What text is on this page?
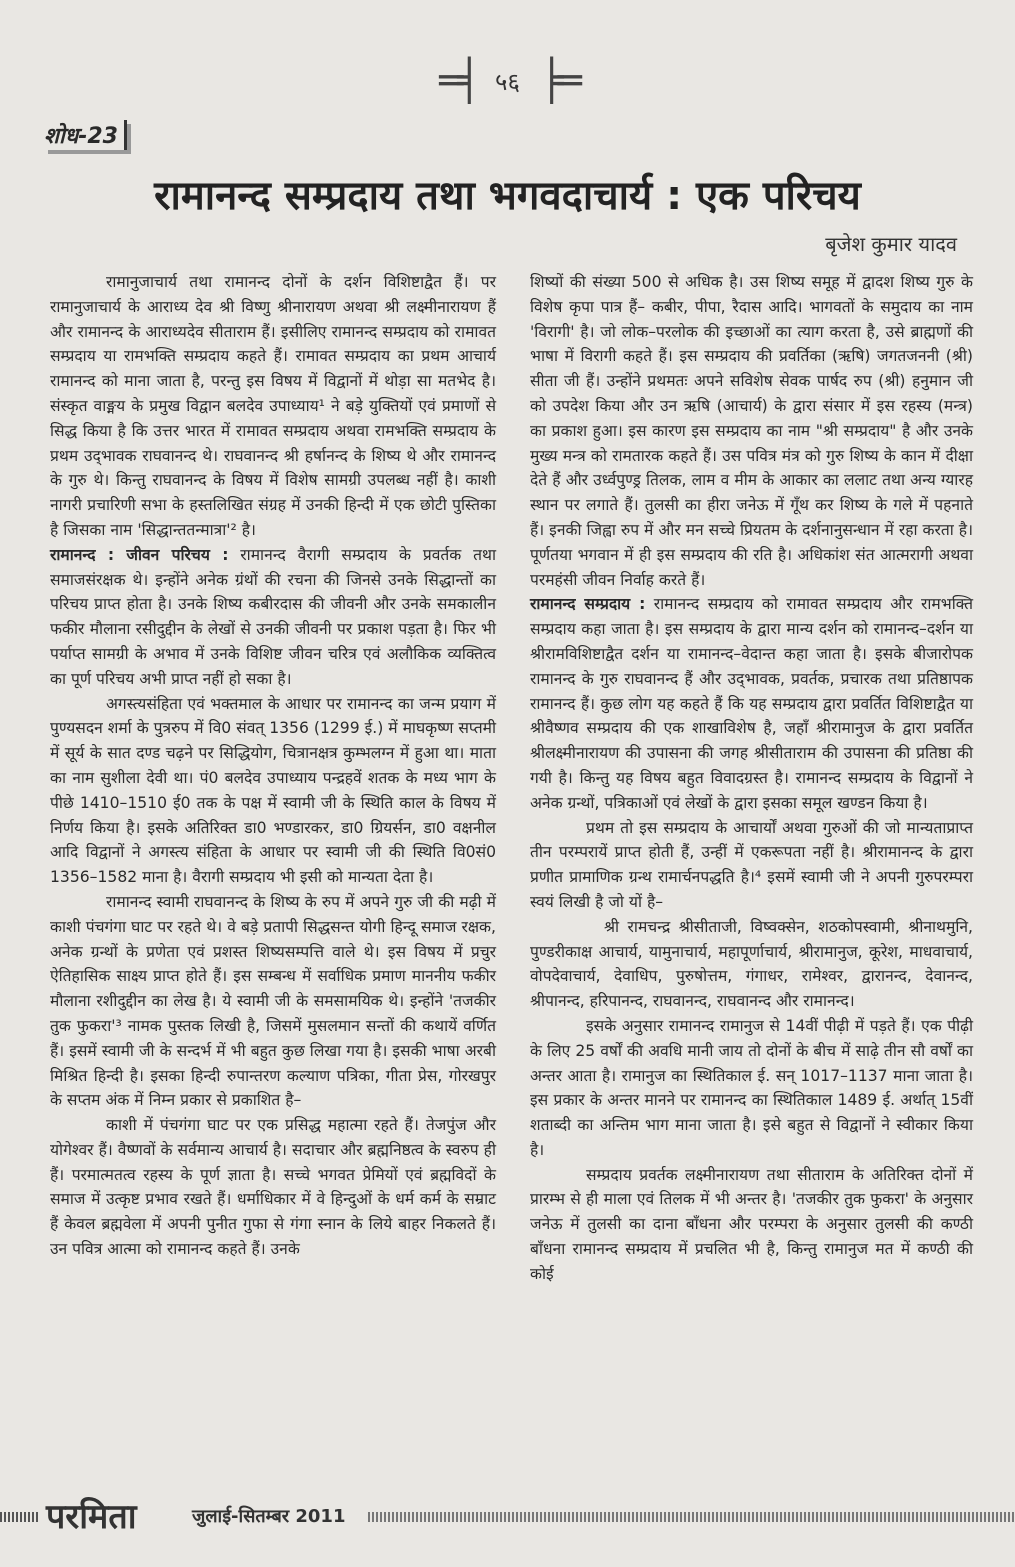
═╡ ५६ ╞═
शोध-23
रामानन्द सम्प्रदाय तथा भगवदाचार्य : एक परिचय
बृजेश कुमार यादव

रामानुजाचार्य तथा रामानन्द दोनों के दर्शन विशिष्टाद्वैत हैं। पर रामानुजाचार्य के आराध्य देव श्री विष्णु श्रीनारायण अथवा श्री लक्ष्मीनारायण हैं और रामानन्द के आराध्यदेव सीताराम हैं। इसीलिए रामानन्द सम्प्रदाय को रामावत सम्प्रदाय या रामभक्ति सम्प्रदाय कहते हैं। रामावत सम्प्रदाय का प्रथम आचार्य रामानन्द को माना जाता है, परन्तु इस विषय में विद्वानों में थोड़ा सा मतभेद है। संस्कृत वाङ्मय के प्रमुख विद्वान बलदेव उपाध्याय¹ ने बड़े युक्तियों एवं प्रमाणों से सिद्ध किया है कि उत्तर भारत में रामावत सम्प्रदाय अथवा रामभक्ति सम्प्रदाय के प्रथम उद्‌भावक राघवानन्द थे। राघवानन्द श्री हर्षानन्द के शिष्य थे और रामानन्द के गुरु थे। किन्तु राघवानन्द के विषय में विशेष सामग्री उपलब्ध नहीं है। काशी नागरी प्रचारिणी सभा के हस्तलिखित संग्रह में उनकी हिन्दी में एक छोटी पुस्तिका है जिसका नाम 'सिद्धान्ततन्मात्रा'² है।

रामानन्द : जीवन परिचय : रामानन्द वैरागी सम्प्रदाय के प्रवर्तक तथा समाजसंरक्षक थे। इन्होंने अनेक ग्रंथों की रचना की जिनसे उनके सिद्धान्तों का परिचय प्राप्त होता है। उनके शिष्य कबीरदास की जीवनी और उनके समकालीन फकीर मौलाना रसीदुद्दीन के लेखों से उनकी जीवनी पर प्रकाश पड़ता है। फिर भी पर्याप्त सामग्री के अभाव में उनके विशिष्ट जीवन चरित्र एवं अलौकिक व्यक्तित्व का पूर्ण परिचय अभी प्राप्त नहीं हो सका है।

अगस्त्यसंहिता एवं भक्तमाल के आधार पर रामानन्द का जन्म प्रयाग में पुण्यसदन शर्मा के पुत्ररुप में वि0 संवत् 1356 (1299 ई.) में माघकृष्ण सप्तमी में सूर्य के सात दण्ड चढ़ने पर सिद्धियोग, चित्रानक्षत्र कुम्भलग्न में हुआ था। माता का नाम सुशीला देवी था। पं0 बलदेव उपाध्याय पन्द्रहवें शतक के मध्य भाग के पीछे 1410–1510 ई0 तक के पक्ष में स्वामी जी के स्थिति काल के विषय में निर्णय किया है। इसके अतिरिक्त डा0 भण्डारकर, डा0 ग्रियर्सन, डा0 वक्षनील आदि विद्वानों ने अगस्त्य संहिता के आधार पर स्वामी जी की स्थिति वि0सं0 1356–1582 माना है। वैरागी सम्प्रदाय भी इसी को मान्यता देता है।

रामानन्द स्वामी राघवानन्द के शिष्य के रुप में अपने गुरु जी की मढ़ी में काशी पंचगंगा घाट पर रहते थे। वे बड़े प्रतापी सिद्धसन्त योगी हिन्दू समाज रक्षक, अनेक ग्रन्थों के प्रणेता एवं प्रशस्त शिष्यसम्पत्ति वाले थे। इस विषय में प्रचुर ऐतिहासिक साक्ष्य प्राप्त होते हैं। इस सम्बन्ध में सर्वाधिक प्रमाण माननीय फकीर मौलाना रशीदुद्दीन का लेख है। ये स्वामी जी के समसामयिक थे। इन्होंने 'तजकीर तुक फुकरा'³ नामक पुस्तक लिखी है, जिसमें मुसलमान सन्तों की कथायें वर्णित हैं। इसमें स्वामी जी के सन्दर्भ में भी बहुत कुछ लिखा गया है। इसकी भाषा अरबी मिश्रित हिन्दी है। इसका हिन्दी रुपान्तरण कल्याण पत्रिका, गीता प्रेस, गोरखपुर के सप्तम अंक में निम्न प्रकार से प्रकाशित है–

काशी में पंचगंगा घाट पर एक प्रसिद्ध महात्मा रहते हैं। तेजपुंज और योगेश्वर हैं। वैष्णवों के सर्वमान्य आचार्य है। सदाचार और ब्रह्मनिष्ठत्व के स्वरुप ही हैं। परमात्मतत्व रहस्य के पूर्ण ज्ञाता है। सच्चे भगवत प्रेमियों एवं ब्रह्मविदों के समाज में उत्कृष्ट प्रभाव रखते हैं। धर्माधिकार में वे हिन्दुओं के धर्म कर्म के सम्राट हैं केवल ब्रह्मवेला में अपनी पुनीत गुफा से गंगा स्नान के लिये बाहर निकलते हैं। उन पवित्र आत्मा को रामानन्द कहते हैं। उनके

शिष्यों की संख्या 500 से अधिक है। उस शिष्य समूह में द्वादश शिष्य गुरु के विशेष कृपा पात्र हैं– कबीर, पीपा, रैदास आदि। भागवतों के समुदाय का नाम 'विरागी' है। जो लोक–परलोक की इच्छाओं का त्याग करता है, उसे ब्राह्मणों की भाषा में विरागी कहते हैं। इस सम्प्रदाय की प्रवर्तिका (ऋषि) जगतजननी (श्री) सीता जी हैं। उन्होंने प्रथमतः अपने सविशेष सेवक पार्षद रुप (श्री) हनुमान जी को उपदेश किया और उन ऋषि (आचार्य) के द्वारा संसार में इस रहस्य (मन्त्र) का प्रकाश हुआ। इस कारण इस सम्प्रदाय का नाम "श्री सम्प्रदाय" है और उनके मुख्य मन्त्र को रामतारक कहते हैं। उस पवित्र मंत्र को गुरु शिष्य के कान में दीक्षा देते हैं और उर्ध्वपुण्ड्र तिलक, लाम व मीम के आकार का ललाट तथा अन्य ग्यारह स्थान पर लगाते हैं। तुलसी का हीरा जनेऊ में गूँथ कर शिष्य के गले में पहनाते हैं। इनकी जिह्वा रुप में और मन सच्चे प्रियतम के दर्शनानुसन्धान में रहा करता है। पूर्णतया भगवान में ही इस सम्प्रदाय की रति है। अधिकांश संत आत्मरागी अथवा परमहंसी जीवन निर्वाह करते हैं।

रामानन्द सम्प्रदाय : रामानन्द सम्प्रदाय को रामावत सम्प्रदाय और रामभक्ति सम्प्रदाय कहा जाता है। इस सम्प्रदाय के द्वारा मान्य दर्शन को रामानन्द–दर्शन या श्रीरामविशिष्टाद्वैत दर्शन या रामानन्द–वेदान्त कहा जाता है। इसके बीजारोपक रामानन्द के गुरु राघवानन्द हैं और उद्‌भावक, प्रवर्तक, प्रचारक तथा प्रतिष्ठापक रामानन्द हैं। कुछ लोग यह कहते हैं कि यह सम्प्रदाय द्वारा प्रवर्तित विशिष्टाद्वैत या श्रीवैष्णव सम्प्रदाय की एक शाखाविशेष है, जहाँ श्रीरामानुज के द्वारा प्रवर्तित श्रीलक्ष्मीनारायण की उपासना की जगह श्रीसीताराम की उपासना की प्रतिष्ठा की गयी है। किन्तु यह विषय बहुत विवादग्रस्त है। रामानन्द सम्प्रदाय के विद्वानों ने अनेक ग्रन्थों, पत्रिकाओं एवं लेखों के द्वारा इसका समूल खण्डन किया है।

प्रथम तो इस सम्प्रदाय के आचार्यों अथवा गुरुओं की जो मान्यताप्राप्त तीन परम्परायें प्राप्त होती हैं, उन्हीं में एकरूपता नहीं है। श्रीरामानन्द के द्वारा प्रणीत प्रामाणिक ग्रन्थ रामार्चनपद्धति है।⁴ इसमें स्वामी जी ने अपनी गुरुपरम्परा स्वयं लिखी है जो यों है–

श्री रामचन्द्र श्रीसीताजी, विष्वक्सेन, शठकोपस्वामी, श्रीनाथमुनि, पुण्डरीकाक्ष आचार्य, यामुनाचार्य, महापूर्णाचार्य, श्रीरामानुज, कूरेश, माधवाचार्य, वोपदेवाचार्य, देवाधिप, पुरुषोत्तम, गंगाधर, रामेश्वर, द्वारानन्द, देवानन्द, श्रीपानन्द, हरिपानन्द, राघवानन्द, राघवानन्द और रामानन्द।

इसके अनुसार रामानन्द रामानुज से 14वीं पीढ़ी में पड़ते हैं। एक पीढ़ी के लिए 25 वर्षों की अवधि मानी जाय तो दोनों के बीच में साढ़े तीन सौ वर्षों का अन्तर आता है। रामानुज का स्थितिकाल ई. सन् 1017–1137 माना जाता है। इस प्रकार के अन्तर मानने पर रामानन्द का स्थितिकाल 1489 ई. अर्थात् 15वीं शताब्दी का अन्तिम भाग माना जाता है। इसे बहुत से विद्वानों ने स्वीकार किया है।

सम्प्रदाय प्रवर्तक लक्ष्मीनारायण तथा सीताराम के अतिरिक्त दोनों में प्रारम्भ से ही माला एवं तिलक में भी अन्तर है। 'तजकीर तुक फुकरा' के अनुसार जनेऊ में तुलसी का दाना बाँधना और परम्परा के अनुसार तुलसी की कण्ठी बाँधना रामानन्द सम्प्रदाय में प्रचलित भी है, किन्तु रामानुज मत में कण्ठी की कोई

परमिता	जुलाई-सितम्बर 2011
